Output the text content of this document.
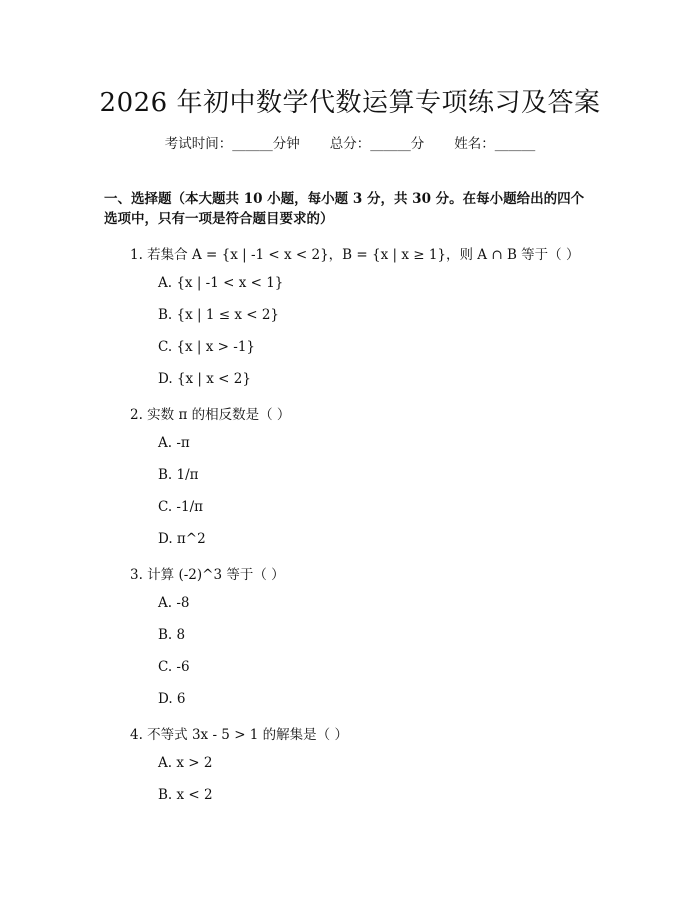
2026 年初中数学代数运算专项练习及答案
考试时间：______分钟 总分：______分 姓名：______
一、选择题（本大题共 10 小题，每小题 3 分，共 30 分。在每小题给出的四个选项中，只有一项是符合题目要求的）
1. 若集合 A = {x | -1 < x < 2}，B = {x | x ≥ 1}，则 A ∩ B 等于（ ）
A. {x | -1 < x < 1}
B. {x | 1 ≤ x < 2}
C. {x | x > -1}
D. {x | x < 2}
2. 实数 π 的相反数是（ ）
A. -π
B. 1/π
C. -1/π
D. π^2
3. 计算 (-2)^3 等于（ ）
A. -8
B. 8
C. -6
D. 6
4. 不等式 3x - 5 > 1 的解集是（ ）
A. x > 2
B. x < 2
